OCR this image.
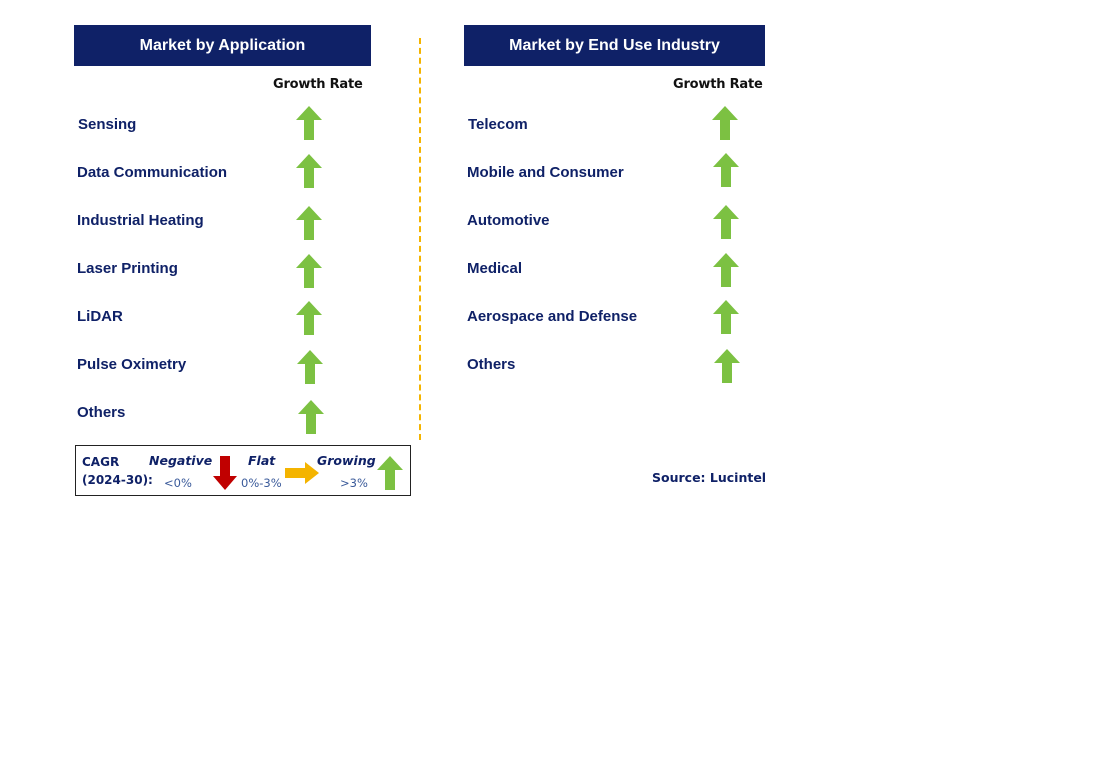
Market by Application
Growth Rate
Sensing
Data Communication
Industrial Heating
Laser Printing
LiDAR
Pulse Oximetry
Others
Market by End Use Industry
Growth Rate
Telecom
Mobile and Consumer
Automotive
Medical
Aerospace and Defense
Others
CAGR
(2024-30):
Negative
<0%
Flat
0%-3%
Growing
>3%	Source: Lucintel
